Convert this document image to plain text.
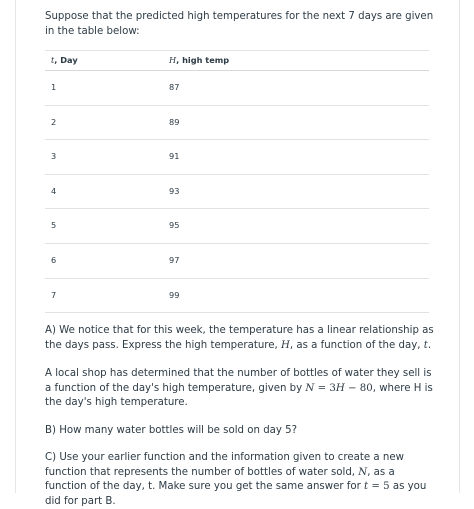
Suppose that the predicted high temperatures for the next 7 days are given in the table below:
t, Day	H, high temp
1	87
2	89
3	91
4	93
5	95
6	97
7	99
A) We notice that for this week, the temperature has a linear relationship as the days pass. Express the high temperature, H, as a function of the day, t.
A local shop has determined that the number of bottles of water they sell is a function of the day's high temperature, given by N = 3H − 80, where H is the day's high temperature.
B) How many water bottles will be sold on day 5?
C) Use your earlier function and the information given to create a new function that represents the number of bottles of water sold, N, as a function of the day, t. Make sure you get the same answer for t = 5 as you did for part B.
